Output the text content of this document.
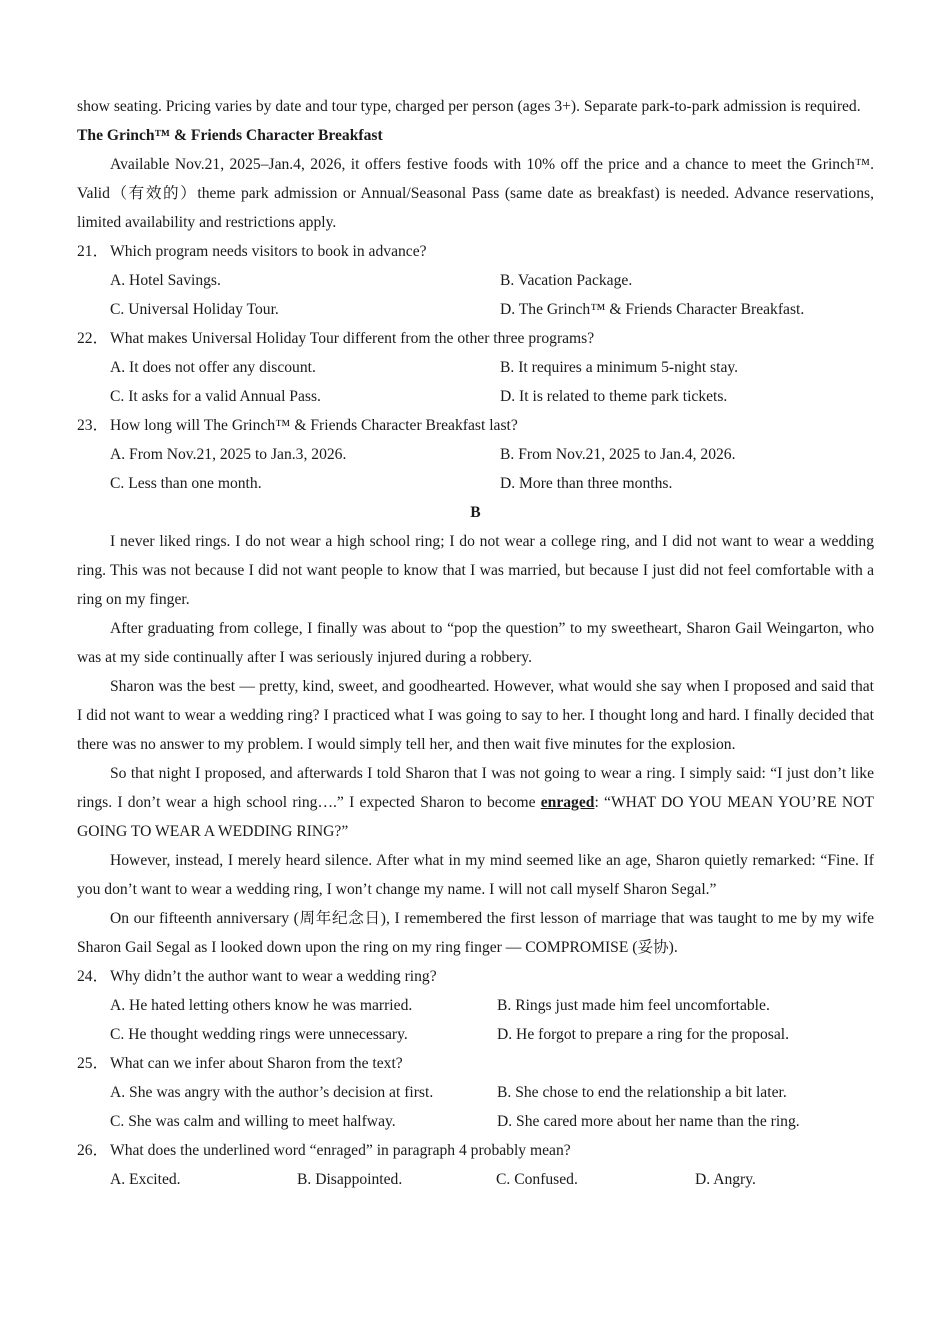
show seating. Pricing varies by date and tour type, charged per person (ages 3+). Separate park-to-park admission is required.

The Grinch™ & Friends Character Breakfast

Available Nov.21, 2025–Jan.4, 2026, it offers festive foods with 10% off the price and a chance to meet the Grinch™. Valid（有效的）theme park admission or Annual/Seasonal Pass (same date as breakfast) is needed. Advance reservations, limited availability and restrictions apply.

21． Which program needs visitors to book in advance?
A. Hotel Savings.	B. Vacation Package.
C. Universal Holiday Tour.	D. The Grinch™ & Friends Character Breakfast.
22． What makes Universal Holiday Tour different from the other three programs?
A. It does not offer any discount.	B. It requires a minimum 5-night stay.
C. It asks for a valid Annual Pass.	D. It is related to theme park tickets.
23． How long will The Grinch™ & Friends Character Breakfast last?
A. From Nov.21, 2025 to Jan.3, 2026.	B. From Nov.21, 2025 to Jan.4, 2026.
C. Less than one month.	D. More than three months.

B

I never liked rings. I do not wear a high school ring; I do not wear a college ring, and I did not want to wear a wedding ring. This was not because I did not want people to know that I was married, but because I just did not feel comfortable with a ring on my finger.

After graduating from college, I finally was about to “pop the question” to my sweetheart, Sharon Gail Weingarton, who was at my side continually after I was seriously injured during a robbery.

Sharon was the best — pretty, kind, sweet, and goodhearted. However, what would she say when I proposed and said that I did not want to wear a wedding ring? I practiced what I was going to say to her. I thought long and hard. I finally decided that there was no answer to my problem. I would simply tell her, and then wait five minutes for the explosion.

So that night I proposed, and afterwards I told Sharon that I was not going to wear a ring. I simply said: “I just don’t like rings. I don’t wear a high school ring….” I expected Sharon to become enraged: “WHAT DO YOU MEAN YOU’RE NOT GOING TO WEAR A WEDDING RING?”

However, instead, I merely heard silence. After what in my mind seemed like an age, Sharon quietly remarked: “Fine. If you don’t want to wear a wedding ring, I won’t change my name. I will not call myself Sharon Segal.”

On our fifteenth anniversary (周年纪念日), I remembered the first lesson of marriage that was taught to me by my wife Sharon Gail Segal as I looked down upon the ring on my ring finger — COMPROMISE (妥协).

24． Why didn’t the author want to wear a wedding ring?
A. He hated letting others know he was married.	B. Rings just made him feel uncomfortable.
C. He thought wedding rings were unnecessary.	D. He forgot to prepare a ring for the proposal.
25． What can we infer about Sharon from the text?
A. She was angry with the author’s decision at first.	B. She chose to end the relationship a bit later.
C. She was calm and willing to meet halfway.	D. She cared more about her name than the ring.
26． What does the underlined word “enraged” in paragraph 4 probably mean?
A. Excited.	B. Disappointed.	C. Confused.	D. Angry.
